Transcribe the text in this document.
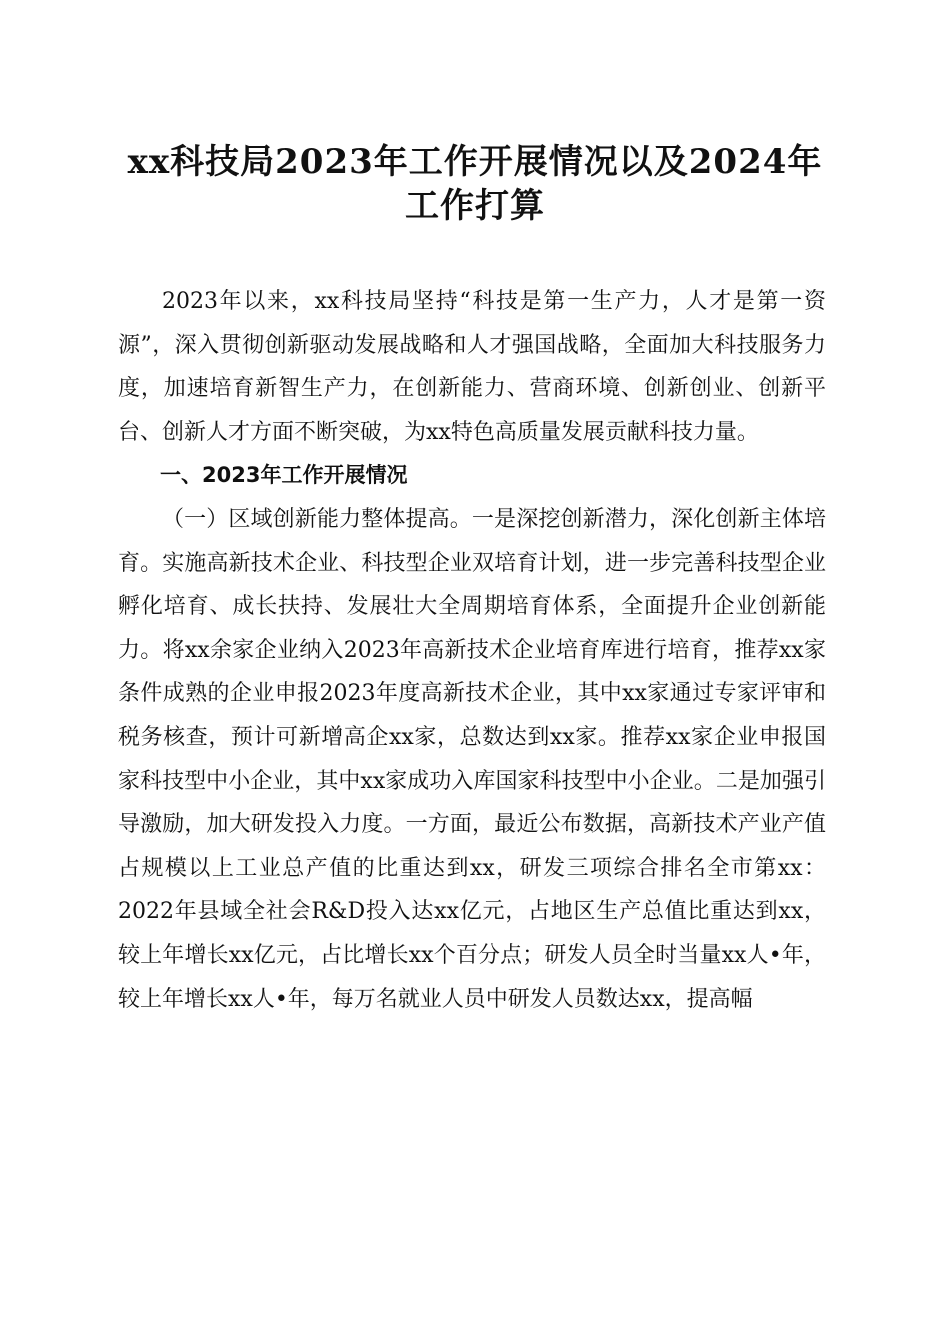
xx科技局2023年工作开展情况以及2024年工作打算

2023年以来，xx科技局坚持“科技是第一生产力，人才是第一资源”，深入贯彻创新驱动发展战略和人才强国战略，全面加大科技服务力度，加速培育新智生产力，在创新能力、营商环境、创新创业、创新平台、创新人才方面不断突破，为xx特色高质量发展贡献科技力量。

一、2023年工作开展情况

（一）区域创新能力整体提高。一是深挖创新潜力，深化创新主体培育。实施高新技术企业、科技型企业双培育计划，进一步完善科技型企业孵化培育、成长扶持、发展壮大全周期培育体系，全面提升企业创新能力。将xx余家企业纳入2023年高新技术企业培育库进行培育，推荐xx家条件成熟的企业申报2023年度高新技术企业，其中xx家通过专家评审和税务核查，预计可新增高企xx家，总数达到xx家。推荐xx家企业申报国家科技型中小企业，其中xx家成功入库国家科技型中小企业。二是加强引导激励，加大研发投入力度。一方面，最近公布数据，高新技术产业产值占规模以上工业总产值的比重达到xx，研发三项综合排名全市第xx：2022年县域全社会R&D投入达xx亿元，占地区生产总值比重达到xx，较上年增长xx亿元，占比增长xx个百分点；研发人员全时当量xx人•年，较上年增长xx人•年，每万名就业人员中研发人员数达xx，提高幅
